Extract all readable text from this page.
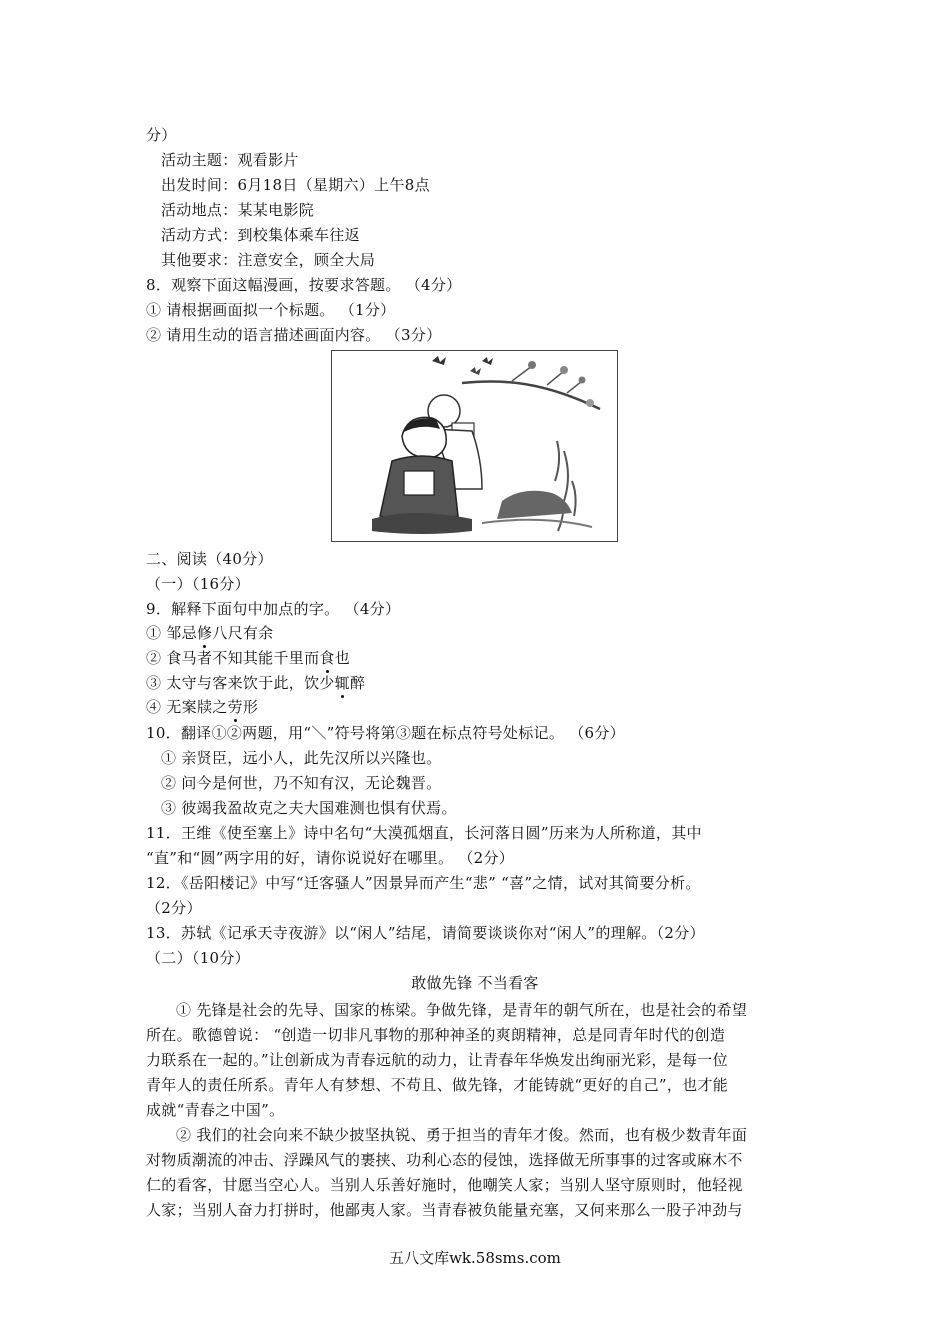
分）
活动主题：观看影片
出发时间：6月18日（星期六）上午8点
活动地点：某某电影院
活动方式：到校集体乘车往返
其他要求：注意安全，顾全大局
8．观察下面这幅漫画，按要求答题。 （4分）
① 请根据画面拟一个标题。 （1分）
② 请用生动的语言描述画面内容。 （3分）
二、阅读（40分）
（一）（16分）
9．解释下面句中加点的字。 （4分）
① 邹忌修八尺有余
② 食马者不知其能千里而食也
③ 太守与客来饮于此，饮少辄醉
④ 无案牍之劳形
10．翻译①②两题，用“＼”符号将第③题在标点符号处标记。 （6分）
① 亲贤臣，远小人，此先汉所以兴隆也。
② 问今是何世，乃不知有汉，无论魏晋。
③ 彼竭我盈故克之夫大国难测也惧有伏焉。
11．王维《使至塞上》诗中名句“大漠孤烟直，长河落日圆”历来为人所称道，其中
“直”和“圆”两字用的好，请你说说好在哪里。 （2分）
12．《岳阳楼记》中写“迁客骚人”因景异而产生“悲” “喜”之情，试对其简要分析。
（2分）
13．苏轼《记承天寺夜游》以“闲人”结尾，请简要谈谈你对“闲人”的理解。（2分）
（二）（10分）
敢做先锋 不当看客
① 先锋是社会的先导、国家的栋梁。争做先锋，是青年的朝气所在，也是社会的希望
所在。歌德曾说： “创造一切非凡事物的那种神圣的爽朗精神，总是同青年时代的创造
力联系在一起的。”让创新成为青春远航的动力，让青春年华焕发出绚丽光彩，是每一位
青年人的责任所系。青年人有梦想、不苟且、做先锋，才能铸就“更好的自己”，也才能
成就“青春之中国”。
② 我们的社会向来不缺少披坚执锐、勇于担当的青年才俊。然而，也有极少数青年面
对物质潮流的冲击、浮躁风气的裹挟、功利心态的侵蚀，选择做无所事事的过客或麻木不
仁的看客，甘愿当空心人。当别人乐善好施时，他嘲笑人家；当别人坚守原则时，他轻视
人家；当别人奋力打拼时，他鄙夷人家。当青春被负能量充塞，又何来那么一股子冲劲与
五八文库wk.58sms.com
